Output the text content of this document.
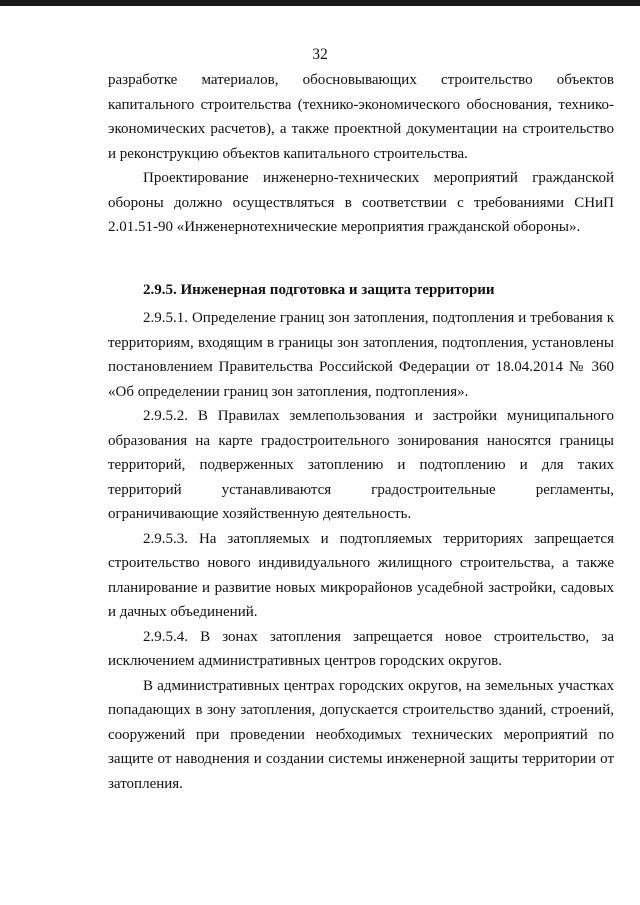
32

разработке материалов, обосновывающих строительство объектов капитального строительства (технико-экономического обоснования, технико-экономических расчетов), а также проектной документации на строительство и реконструкцию объектов капитального строительства.

Проектирование инженерно-технических мероприятий гражданской обороны должно осуществляться в соответствии с требованиями СНиП 2.01.51-90 «Инженернотехнические мероприятия гражданской обороны».

2.9.5. Инженерная подготовка и защита территории

2.9.5.1. Определение границ зон затопления, подтопления и требования к территориям, входящим в границы зон затопления, подтопления, установлены постановлением Правительства Российской Федерации от 18.04.2014 № 360 «Об определении границ зон затопления, подтопления».

2.9.5.2. В Правилах землепользования и застройки муниципального образования на карте градостроительного зонирования наносятся границы территорий, подверженных затоплению и подтоплению и для таких территорий устанавливаются градостроительные регламенты, ограничивающие хозяйственную деятельность.

2.9.5.3. На затопляемых и подтопляемых территориях запрещается строительство нового индивидуального жилищного строительства, а также планирование и развитие новых микрорайонов усадебной застройки, садовых и дачных объединений.

2.9.5.4. В зонах затопления запрещается новое строительство, за исключением административных центров городских округов.

В административных центрах городских округов, на земельных участках попадающих в зону затопления, допускается строительство зданий, строений, сооружений при проведении необходимых технических мероприятий по защите от наводнения и создании системы инженерной защиты территории от затопления.
